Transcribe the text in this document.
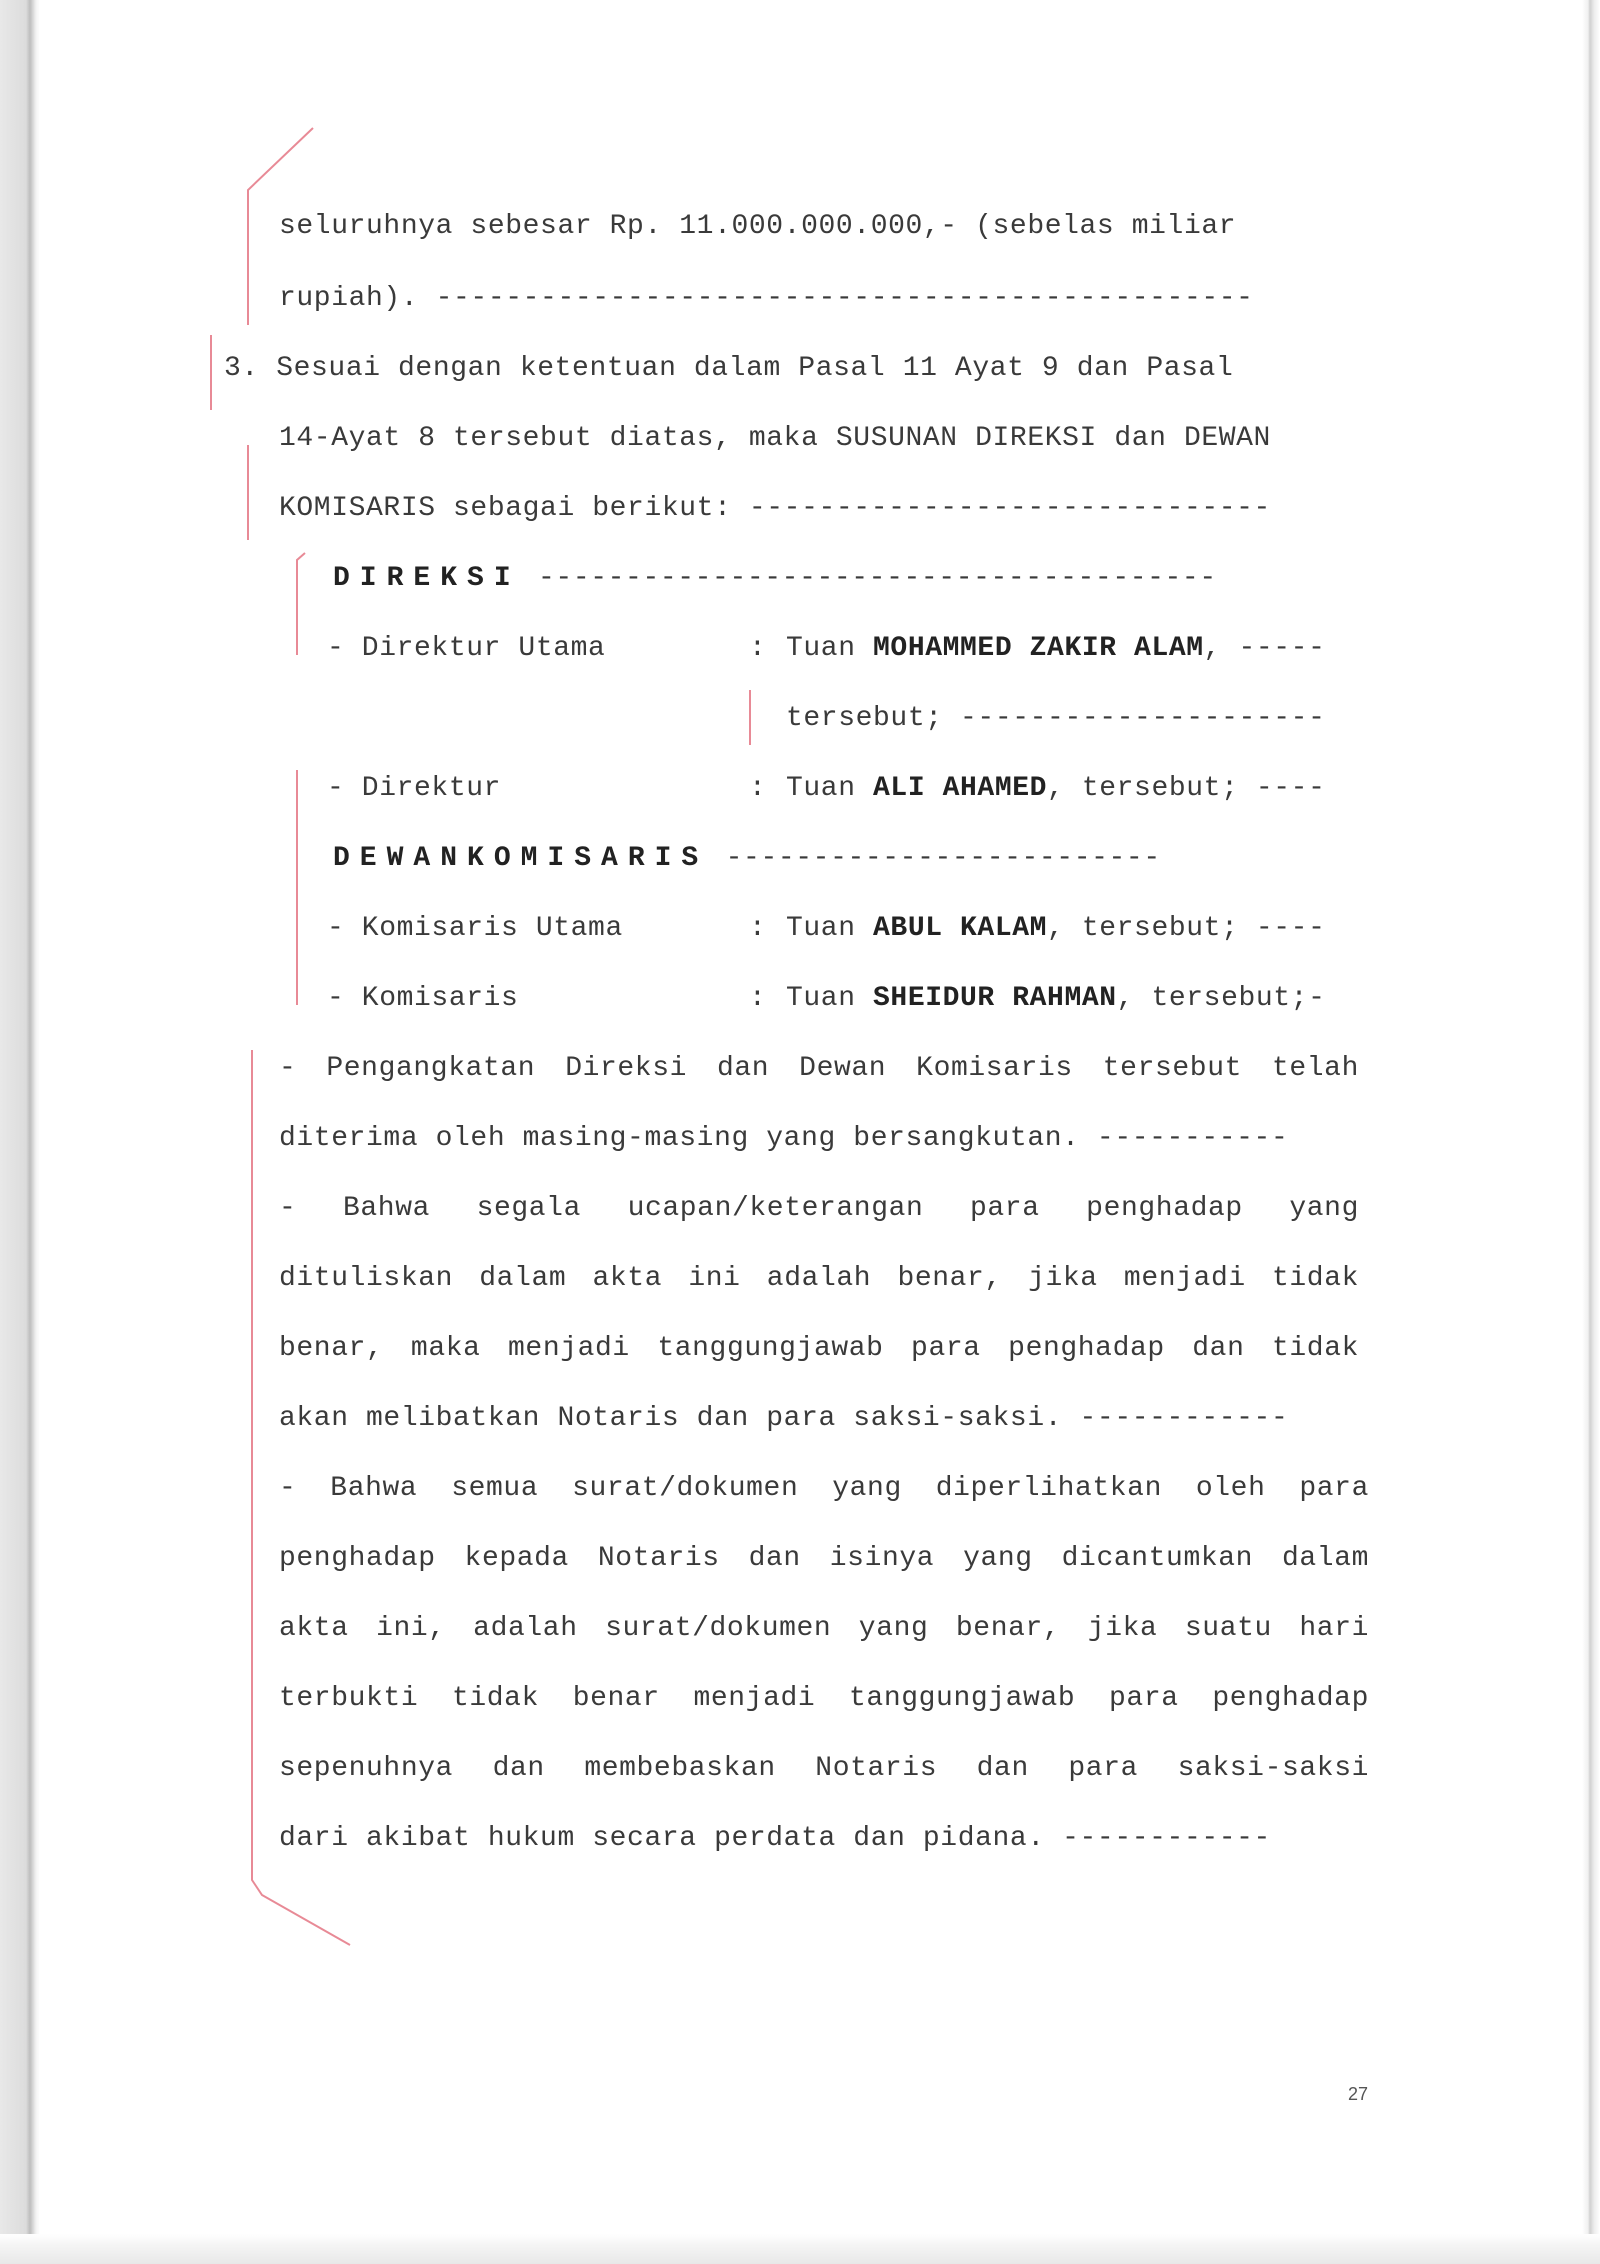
seluruhnya sebesar Rp. 11.000.000.000,- (sebelas miliar
rupiah). -----------------------------------------------
3. Sesuai dengan ketentuan dalam Pasal 11 Ayat 9 dan Pasal
14-Ayat 8 tersebut diatas, maka SUSUNAN DIREKSI dan DEWAN
KOMISARIS sebagai berikut: ------------------------------
DIREKSI ---------------------------------------
- Direktur Utama	: Tuan MOHAMMED ZAKIR ALAM, -----
tersebut; ---------------------
- Direktur	: Tuan ALI AHAMED, tersebut; ----
DEWANKOMISARIS -------------------------
- Komisaris Utama	: Tuan ABUL KALAM, tersebut; ----
- Komisaris	: Tuan SHEIDUR RAHMAN, tersebut;-
- Pengangkatan Direksi dan Dewan Komisaris tersebut telah
diterima oleh masing-masing yang bersangkutan. -----------
- Bahwa segala ucapan/keterangan para penghadap yang
dituliskan dalam akta ini adalah benar, jika menjadi tidak
benar, maka menjadi tanggungjawab para penghadap dan tidak
akan melibatkan Notaris dan para saksi-saksi. ------------
- Bahwa semua surat/dokumen yang diperlihatkan oleh para
penghadap kepada Notaris dan isinya yang dicantumkan dalam
akta ini, adalah surat/dokumen yang benar, jika suatu hari
terbukti tidak benar menjadi tanggungjawab para penghadap
sepenuhnya dan membebaskan Notaris dan para saksi-saksi
dari akibat hukum secara perdata dan pidana. ------------
27
